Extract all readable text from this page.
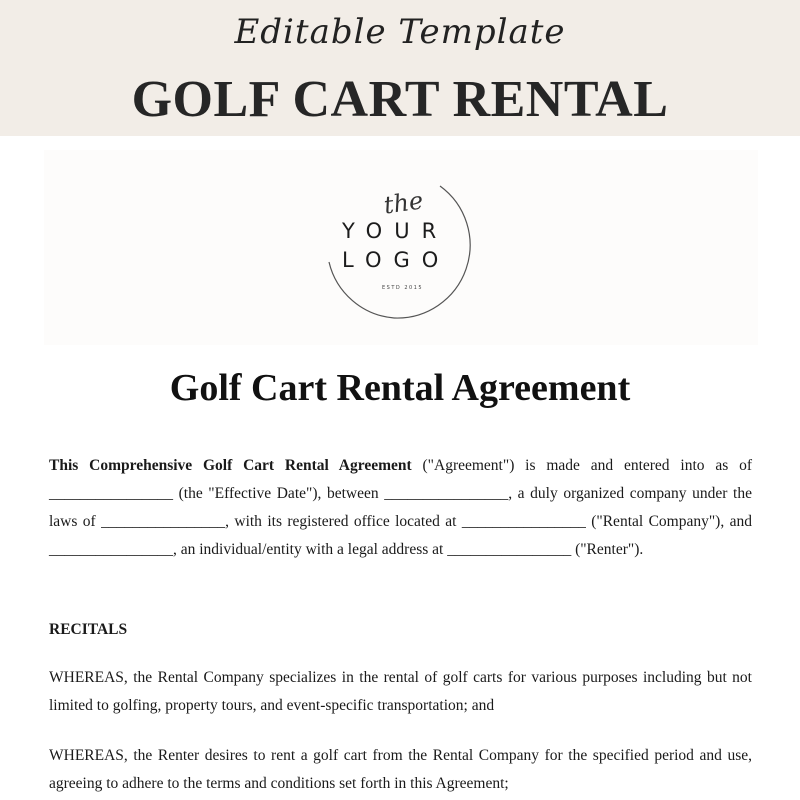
Editable Template
GOLF CART RENTAL
the
YOUR
LOGO
ESTD 2015
Golf Cart Rental Agreement
This Comprehensive Golf Cart Rental Agreement ("Agreement") is made and entered into as of ________________ (the "Effective Date"), between ________________, a duly organized company under the laws of ________________, with its registered office located at ________________ ("Rental Company"), and ________________, an individual/entity with a legal address at ________________ ("Renter").
RECITALS
WHEREAS, the Rental Company specializes in the rental of golf carts for various purposes including but not limited to golfing, property tours, and event-specific transportation; and
WHEREAS, the Renter desires to rent a golf cart from the Rental Company for the specified period and use, agreeing to adhere to the terms and conditions set forth in this Agreement;
